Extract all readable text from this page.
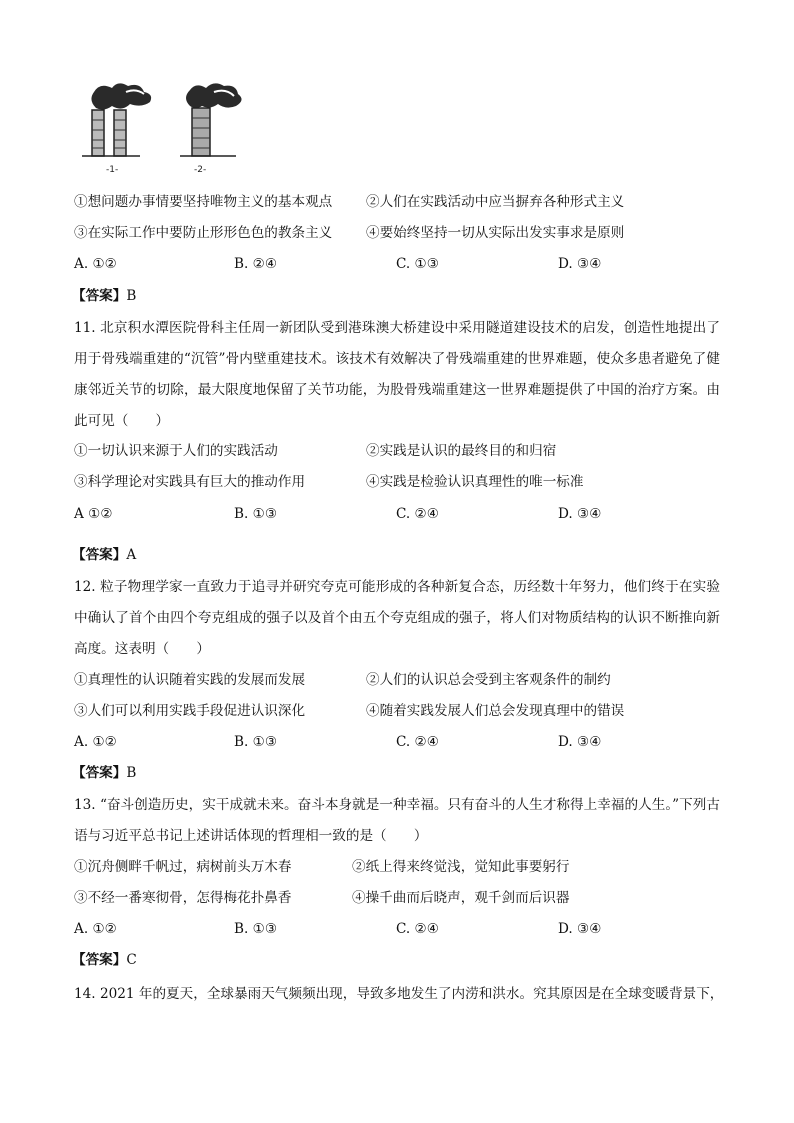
-1-	-2-
①想问题办事情要坚持唯物主义的基本观点 ②人们在实践活动中应当摒弃各种形式主义
③在实际工作中要防止形形色色的教条主义 ④要始终坚持一切从实际出发实事求是原则
A. ①②	B. ②④	C. ①③	D. ③④
【答案】B
11. 北京积水潭医院骨科主任周一新团队受到港珠澳大桥建设中采用隧道建设技术的启发，创造性地提出了用于骨残端重建的“沉管”骨内壁重建技术。该技术有效解决了骨残端重建的世界难题，使众多患者避免了健康邻近关节的切除，最大限度地保留了关节功能，为股骨残端重建这一世界难题提供了中国的治疗方案。由此可见（　　）
①一切认识来源于人们的实践活动	②实践是认识的最终目的和归宿
③科学理论对实践具有巨大的推动作用	④实践是检验认识真理性的唯一标准
A ①②	B. ①③	C. ②④	D. ③④
【答案】A
12. 粒子物理学家一直致力于追寻并研究夸克可能形成的各种新复合态，历经数十年努力，他们终于在实验中确认了首个由四个夸克组成的强子以及首个由五个夸克组成的强子，将人们对物质结构的认识不断推向新高度。这表明（　　）
①真理性的认识随着实践的发展而发展	②人们的认识总会受到主客观条件的制约
③人们可以利用实践手段促进认识深化	④随着实践发展人们总会发现真理中的错误
A. ①②	B. ①③	C. ②④	D. ③④
【答案】B
13. “奋斗创造历史，实干成就未来。奋斗本身就是一种幸福。只有奋斗的人生才称得上幸福的人生。”下列古语与习近平总书记上述讲话体现的哲理相一致的是（　　）
①沉舟侧畔千帆过，病树前头万木春	②纸上得来终觉浅，觉知此事要躬行
③不经一番寒彻骨，怎得梅花扑鼻香	④操千曲而后晓声，观千剑而后识器
A. ①②	B. ①③	C. ②④	D. ③④
【答案】C
14. 2021 年的夏天，全球暴雨天气频频出现，导致多地发生了内涝和洪水。究其原因是在全球变暖背景下，
